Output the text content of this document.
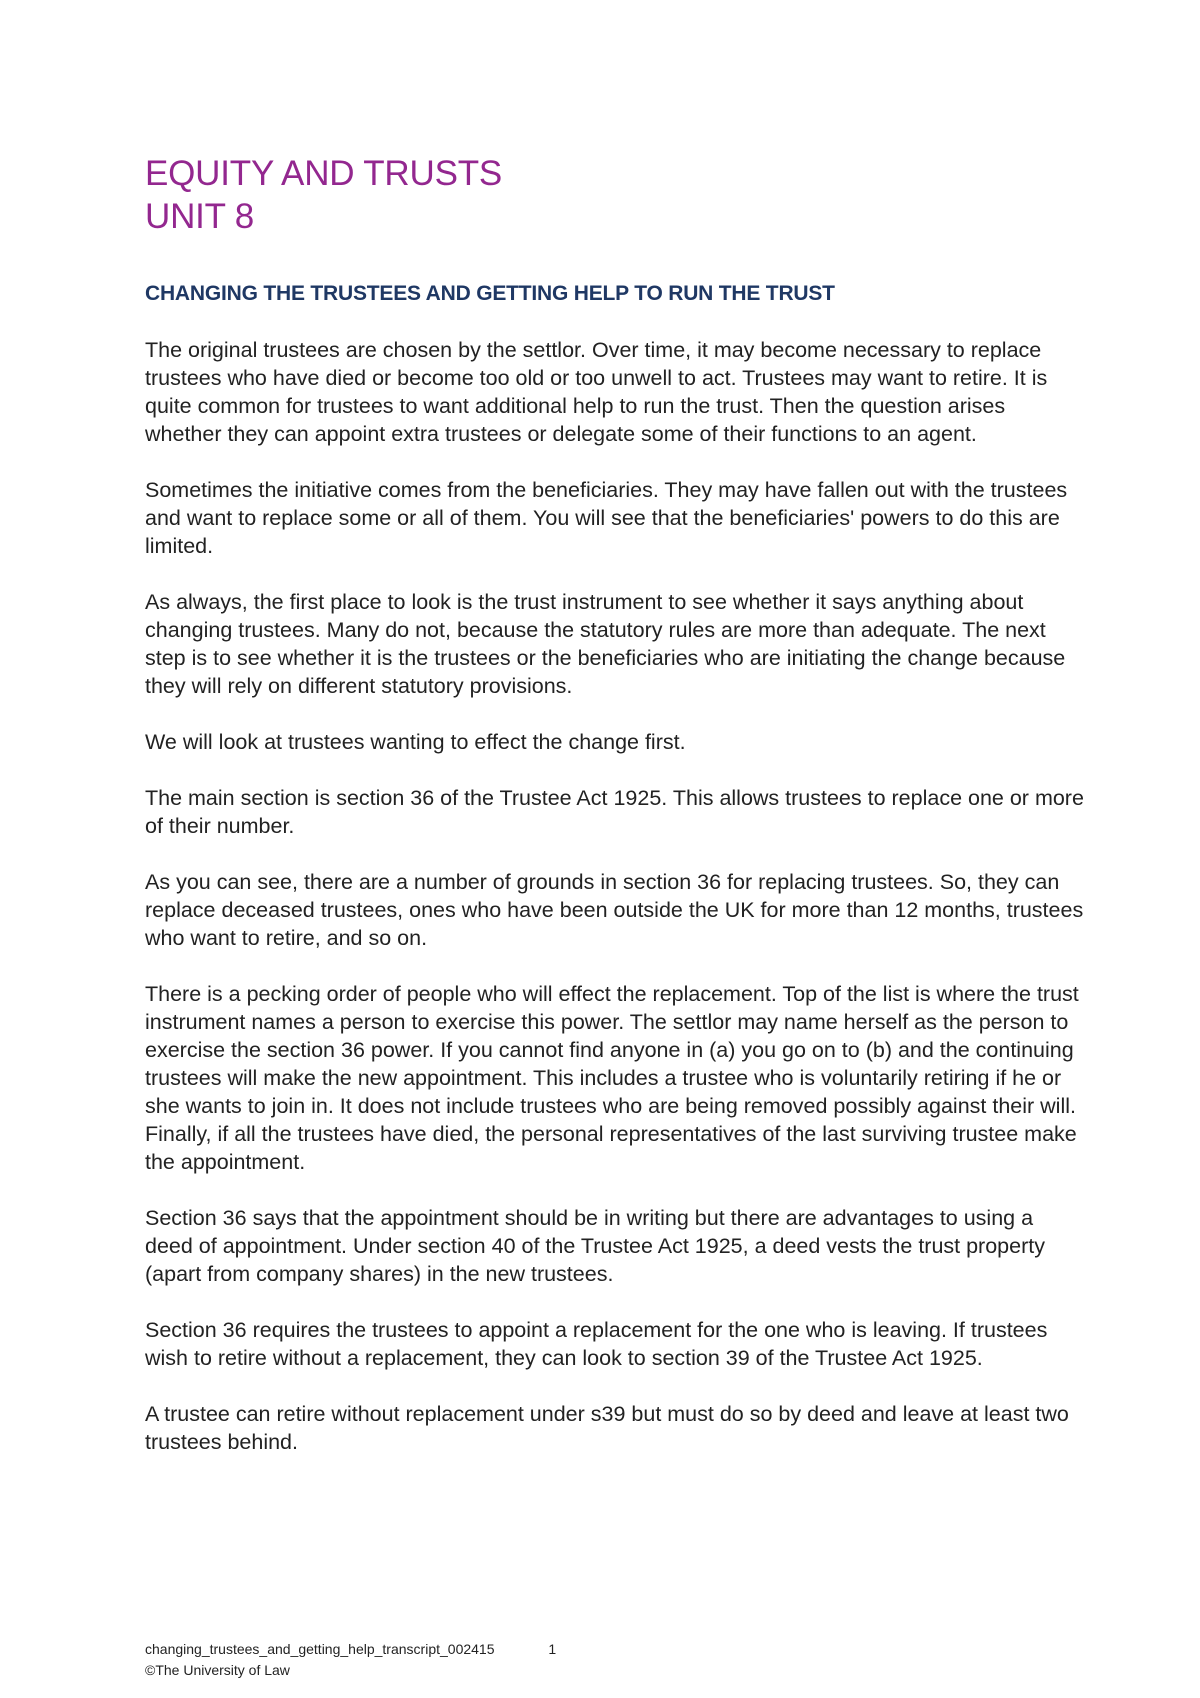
EQUITY AND TRUSTS
UNIT 8
CHANGING THE TRUSTEES AND GETTING HELP TO RUN THE TRUST

The original trustees are chosen by the settlor. Over time, it may become necessary to replace trustees who have died or become too old or too unwell to act. Trustees may want to retire. It is quite common for trustees to want additional help to run the trust. Then the question arises whether they can appoint extra trustees or delegate some of their functions to an agent.

Sometimes the initiative comes from the beneficiaries. They may have fallen out with the trustees and want to replace some or all of them. You will see that the beneficiaries' powers to do this are limited.

As always, the first place to look is the trust instrument to see whether it says anything about changing trustees. Many do not, because the statutory rules are more than adequate. The next step is to see whether it is the trustees or the beneficiaries who are initiating the change because they will rely on different statutory provisions.

We will look at trustees wanting to effect the change first.

The main section is section 36 of the Trustee Act 1925. This allows trustees to replace one or more of their number.

As you can see, there are a number of grounds in section 36 for replacing trustees. So, they can replace deceased trustees, ones who have been outside the UK for more than 12 months, trustees who want to retire, and so on.

There is a pecking order of people who will effect the replacement. Top of the list is where the trust instrument names a person to exercise this power. The settlor may name herself as the person to exercise the section 36 power. If you cannot find anyone in (a) you go on to (b) and the continuing trustees will make the new appointment. This includes a trustee who is voluntarily retiring if he or she wants to join in. It does not include trustees who are being removed possibly against their will. Finally, if all the trustees have died, the personal representatives of the last surviving trustee make the appointment.

Section 36 says that the appointment should be in writing but there are advantages to using a deed of appointment. Under section 40 of the Trustee Act 1925, a deed vests the trust property (apart from company shares) in the new trustees.

Section 36 requires the trustees to appoint a replacement for the one who is leaving. If trustees wish to retire without a replacement, they can look to section 39 of the Trustee Act 1925.

A trustee can retire without replacement under s39 but must do so by deed and leave at least two trustees behind.

changing_trustees_and_getting_help_transcript_002415	1
©The University of Law
